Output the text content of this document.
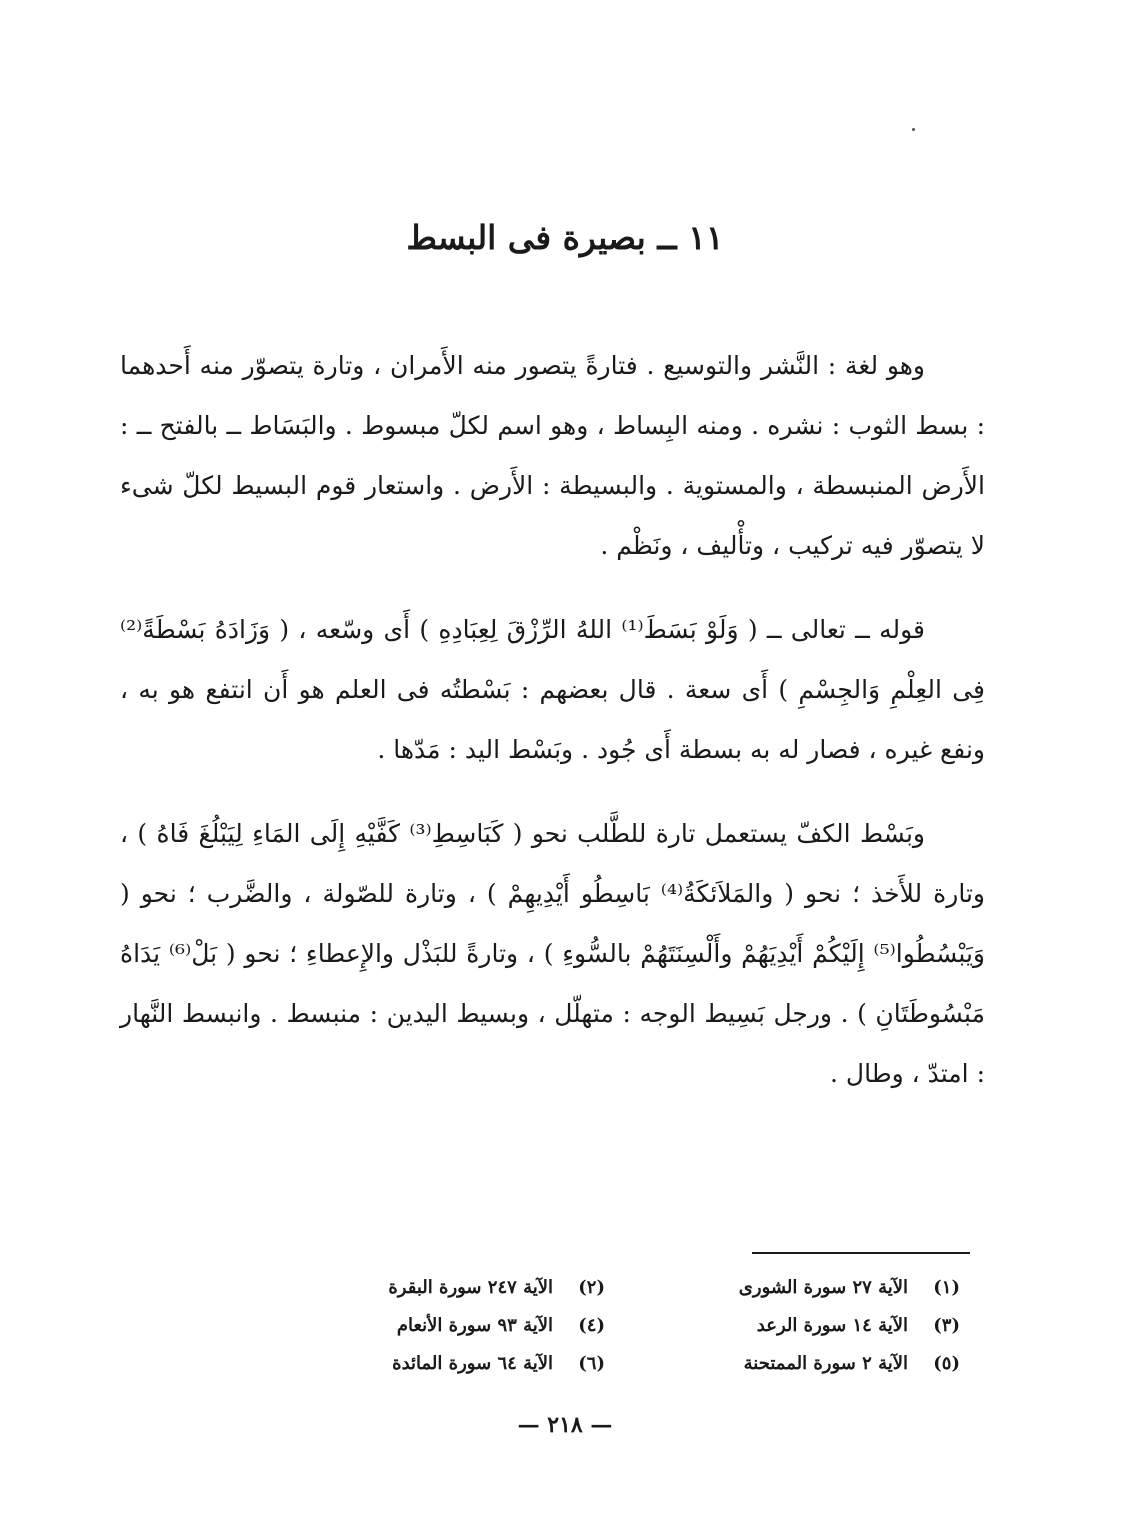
١١ ــ بصيرة فى البسط

وهو لغة : النَّشر والتوسيع . فتارةً يتصور منه الأَمران ، وتارة يتصوّر منه أَحدهما : بسط الثوب : نشره . ومنه البِساط ، وهو اسم لكلّ مبسوط . والبَسَاط ــ بالفتح ــ : الأَرض المنبسطة ، والمستوية . والبسيطة : الأَرض . واستعار قوم البسيط لكلّ شىء لا يتصوّر فيه تركيب ، وتأْليف ، ونَظْم .

قوله ــ تعالى ــ ( وَلَوْ بَسَطَ⁽¹⁾ اللهُ الرِّزْقَ لِعِبَادِهِ ) أَى وسّعه ، ( وَزَادَهُ بَسْطَةً⁽²⁾ فِى العِلْمِ وَالجِسْمِ ) أَى سعة . قال بعضهم : بَسْطتُه فى العلم هو أَن انتفع هو به ، ونفع غيره ، فصار له به بسطة أَى جُود . وبَسْط اليد : مَدّها .

وبَسْط الكفّ يستعمل تارة للطَّلب نحو ( كَبَاسِطِ⁽³⁾ كَفَّيْهِ إِلَى المَاءِ لِيَبْلُغَ فَاهُ ) ، وتارة للأَخذ ؛ نحو ( والمَلاَئكَةُ⁽⁴⁾ بَاسِطُو أَيْدِيهِمْ ) ، وتارة للصّولة ، والضَّرب ؛ نحو ( وَيَبْسُطُوا⁽⁵⁾ إِلَيْكُمْ أَيْدِيَهُمْ وأَلْسِنَتَهُمْ بالسُّوءِ ) ، وتارةً للبَذْل والإِعطاءِ ؛ نحو ( بَلْ⁽⁶⁾ يَدَاهُ مَبْسُوطَتَانِ ) . ورجل بَسِيط الوجه : متهلّل ، وبسيط اليدين : منبسط . وانبسط النَّهار : امتدّ ، وطال .

(١)الآية ٢٧ سورة الشورى
(٢)الآية ٢٤٧ سورة البقرة
(٣)الآية ١٤ سورة الرعد
(٤)الآية ٩٣ سورة الأنعام
(٥)الآية ٢ سورة الممتحنة
(٦)الآية ٦٤ سورة المائدة
— ٢١٨ —
